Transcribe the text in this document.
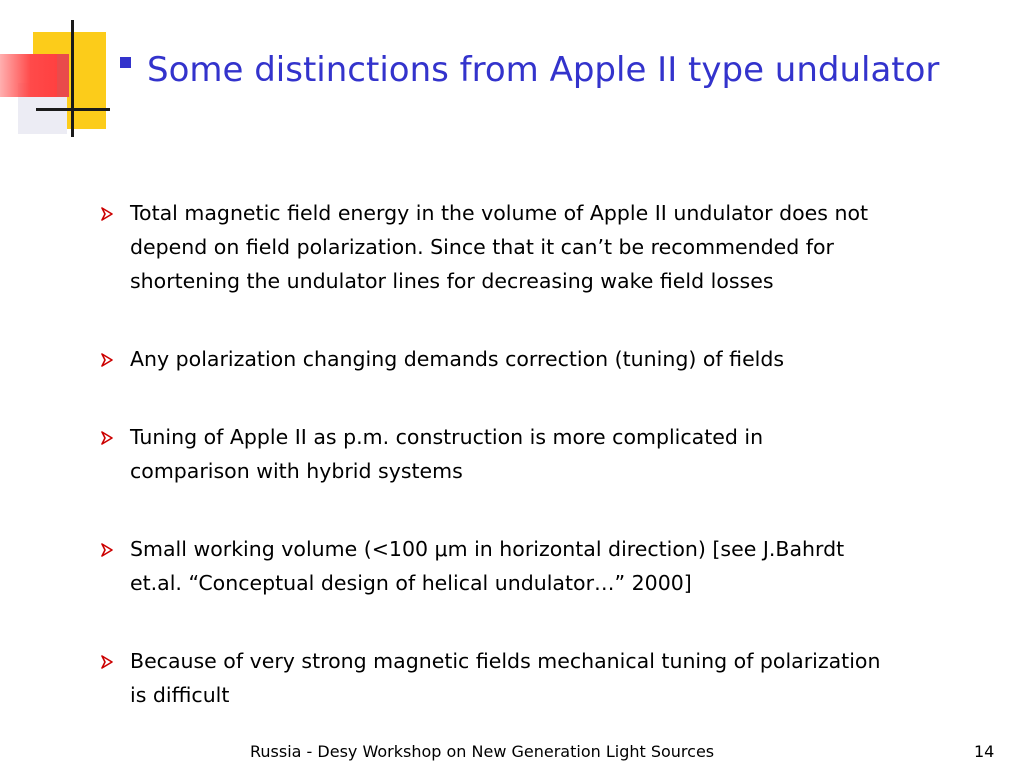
Some distinctions from Apple II type undulator
Total magnetic field energy in the volume of Apple II undulator does not
depend on field polarization. Since that it can’t be recommended for
shortening the undulator lines for decreasing wake field losses
Any polarization changing demands correction (tuning) of fields
Tuning of Apple II as p.m. construction is more complicated in
comparison with hybrid systems
Small working volume (<100 μm in horizontal direction) [see J.Bahrdt
et.al. “Conceptual design of helical undulator…” 2000]
Because of very strong magnetic fields mechanical tuning of polarization
is difficult
Russia - Desy Workshop on New Generation Light Sources	14
